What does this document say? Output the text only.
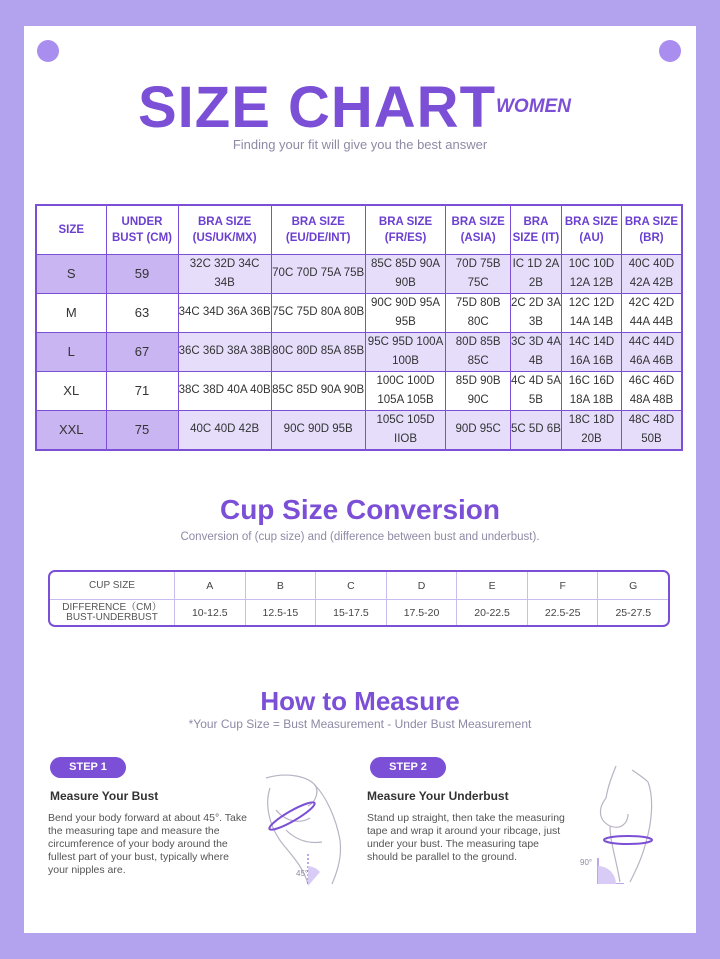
SIZE CHART WOMEN
Finding your fit will give you the best answer
SIZE	UNDER BUST (CM)	BRA SIZE (US/UK/MX)	BRA SIZE (EU/DE/INT)	BRA SIZE (FR/ES)	BRA SIZE (ASIA)	BRA SIZE (IT)	BRA SIZE (AU)	BRA SIZE (BR)
S	59	32C 32D 34C 34B	70C 70D 75A 75B	85C 85D 90A 90B	70D 75B 75C	IC 1D 2A 2B	10C 10D 12A 12B	40C 40D 42A 42B
M	63	34C 34D 36A 36B	75C 75D 80A 80B	90C 90D 95A 95B	75D 80B 80C	2C 2D 3A 3B	12C 12D 14A 14B	42C 42D 44A 44B
L	67	36C 36D 38A 38B	80C 80D 85A 85B	95C 95D 100A 100B	80D 85B 85C	3C 3D 4A 4B	14C 14D 16A 16B	44C 44D 46A 46B
XL	71	38C 38D 40A 40B	85C 85D 90A 90B	100C 100D 105A 105B	85D 90B 90C	4C 4D 5A 5B	16C 16D 18A 18B	46C 46D 48A 48B
XXL	75	40C 40D 42B	90C 90D 95B	105C 105D IIOB	90D 95C	5C 5D 6B	18C 18D 20B	48C 48D 50B
Cup Size Conversion
Conversion of (cup size) and (difference between bust and underbust).
CUP SIZE	A	B	C	D	E	F	G
DIFFERENCE（CM）
BUST-UNDERBUST	10-12.5	12.5-15	15-17.5	17.5-20	20-22.5	22.5-25	25-27.5
How to Measure
*Your Cup Size = Bust Measurement - Under Bust Measurement
STEP 1
Measure Your Bust
Bend your body forward at about 45°. Take the measuring tape and measure the circumference of your body around the fullest part of your bust, typically where your nipples are.	45°
STEP 2
Measure Your Underbust
Stand up straight, then take the measuring tape and wrap it around your ribcage, just under your bust. The measuring tape should be parallel to the ground.	90°
